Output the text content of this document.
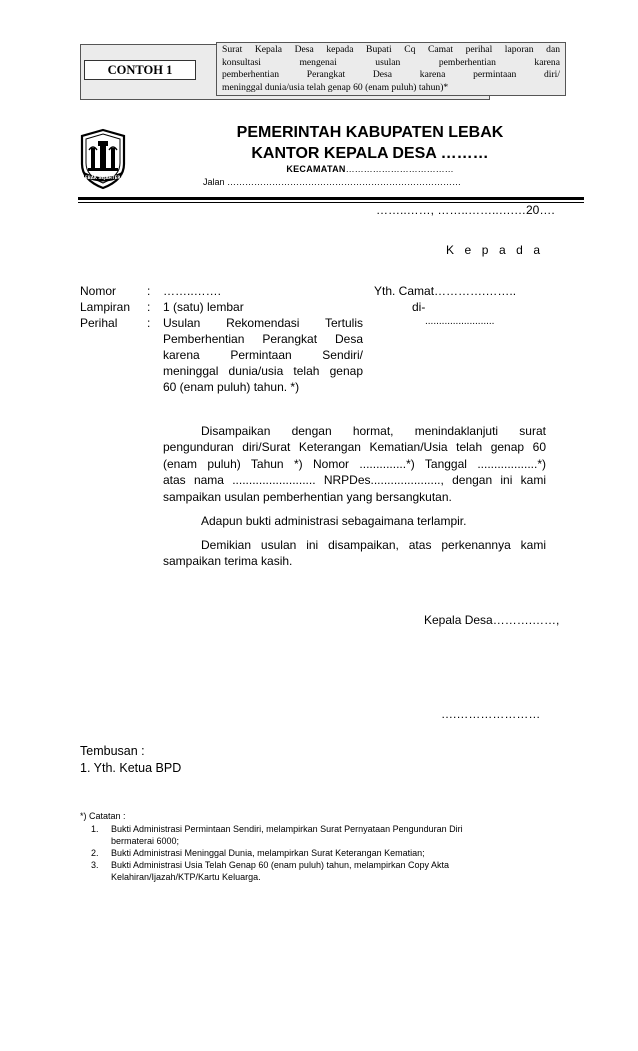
CONTOH 1
Surat Kepala Desa kepada Bupati Cq Camat perihal laporan dan
konsultasi mengenai usulan pemberhentian karena
pemberhentian Perangkat Desa karena permintaan diri/
meninggal dunia/usia telah genap 60 (enam puluh) tahun)*
LEBAK SEJAHTERA
PEMERINTAH KABUPATEN LEBAK
KANTOR KEPALA DESA ………
KECAMATAN………………………………
Jalan ……………………………………………………………………
……..……, ……..……..….…20….
K e p a d a
Nomor	: ……..…….
Lampiran : 1 (satu) lembar
Perihal : Usulan Rekomendasi Tertulis
Pemberhentian Perangkat Desa
karena Permintaan Sendiri/
meninggal dunia/usia telah genap
60 (enam puluh) tahun. *)
Yth. Camat………….……..
di-
.........................
Disampaikan dengan hormat, menindaklanjuti surat
pengunduran diri/Surat Keterangan Kematian/Usia telah genap 60
(enam puluh) Tahun *) Nomor ..............*) Tanggal ..................*)
atas nama ......................... NRPDes....................., dengan ini kami
sampaikan usulan pemberhentian yang bersangkutan.
Adapun bukti administrasi sebagaimana terlampir.
Demikian usulan ini disampaikan, atas perkenannya kami
sampaikan terima kasih.
Kepala Desa……….……,
….…………………
Tembusan :
1. Yth. Ketua BPD
*) Catatan :
1. Bukti Administrasi Permintaan Sendiri, melampirkan Surat Pernyataan Pengunduran Diri
bermaterai 6000;
2. Bukti Administrasi Meninggal Dunia, melampirkan Surat Keterangan Kematian;
3. Bukti Administrasi Usia Telah Genap 60 (enam puluh) tahun, melampirkan Copy Akta
Kelahiran/Ijazah/KTP/Kartu Keluarga.
